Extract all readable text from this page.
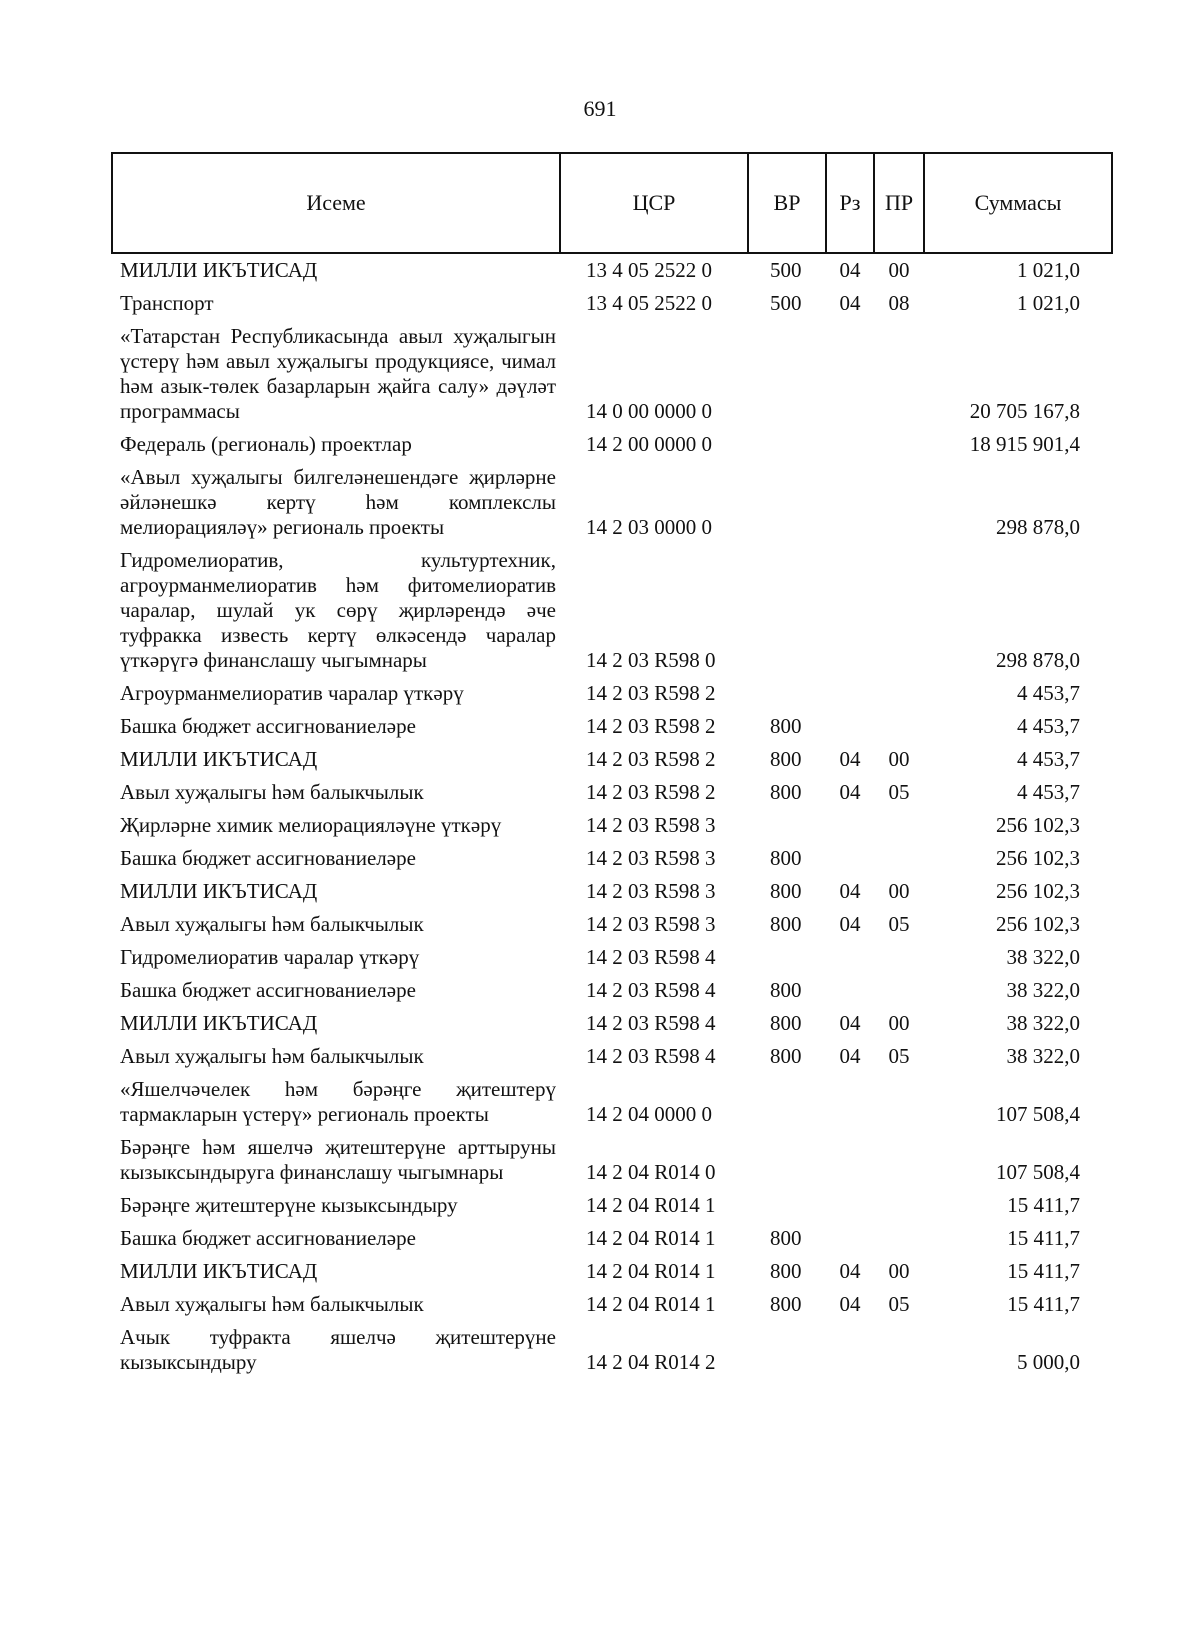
691
Исеме	ЦСР	ВР	Рз	ПР	Суммасы
МИЛЛИ ИКЪТИСАД	13 4 05 2522 0	500	04	00	1 021,0
Транспорт	13 4 05 2522 0	500	04	08	1 021,0
«Татарстан Республикасында авыл хуҗалыгын үстерү һәм авыл хуҗалыгы продукциясе, чимал һәм азык-төлек базарларын җайга салу» дәүләт программасы	14 0 00 0000 0				20 705 167,8
Федераль (региональ) проектлар	14 2 00 0000 0				18 915 901,4
«Авыл хуҗалыгы билгеләнешендәге җирләрне әйләнешкә кертү һәм комплекслы мелиорацияләү» региональ проекты	14 2 03 0000 0				298 878,0
Гидромелиоратив, культуртехник, агроурманмелиоратив һәм фитомелиоратив чаралар, шулай ук сөрү җирләрендә әче туфракка известь кертү өлкәсендә чаралар үткәрүгә финанслашу чыгымнары	14 2 03 R598 0				298 878,0
Агроурманмелиоратив чаралар үткәрү	14 2 03 R598 2				4 453,7
Башка бюджет ассигнованиеләре	14 2 03 R598 2	800			4 453,7
МИЛЛИ ИКЪТИСАД	14 2 03 R598 2	800	04	00	4 453,7
Авыл хуҗалыгы һәм балыкчылык	14 2 03 R598 2	800	04	05	4 453,7
Җирләрне химик мелиорацияләүне үткәрү	14 2 03 R598 3				256 102,3
Башка бюджет ассигнованиеләре	14 2 03 R598 3	800			256 102,3
МИЛЛИ ИКЪТИСАД	14 2 03 R598 3	800	04	00	256 102,3
Авыл хуҗалыгы һәм балыкчылык	14 2 03 R598 3	800	04	05	256 102,3
Гидромелиоратив чаралар үткәрү	14 2 03 R598 4				38 322,0
Башка бюджет ассигнованиеләре	14 2 03 R598 4	800			38 322,0
МИЛЛИ ИКЪТИСАД	14 2 03 R598 4	800	04	00	38 322,0
Авыл хуҗалыгы һәм балыкчылык	14 2 03 R598 4	800	04	05	38 322,0
«Яшелчәчелек һәм бәрәңге җитештерү тармакларын үстерү» региональ проекты	14 2 04 0000 0				107 508,4
Бәрәңге һәм яшелчә җитештерүне арттыруны кызыксындыруга финанслашу чыгымнары	14 2 04 R014 0				107 508,4
Бәрәңге җитештерүне кызыксындыру	14 2 04 R014 1				15 411,7
Башка бюджет ассигнованиеләре	14 2 04 R014 1	800			15 411,7
МИЛЛИ ИКЪТИСАД	14 2 04 R014 1	800	04	00	15 411,7
Авыл хуҗалыгы һәм балыкчылык	14 2 04 R014 1	800	04	05	15 411,7
Ачык туфракта яшелчә җитештерүне кызыксындыру	14 2 04 R014 2				5 000,0
